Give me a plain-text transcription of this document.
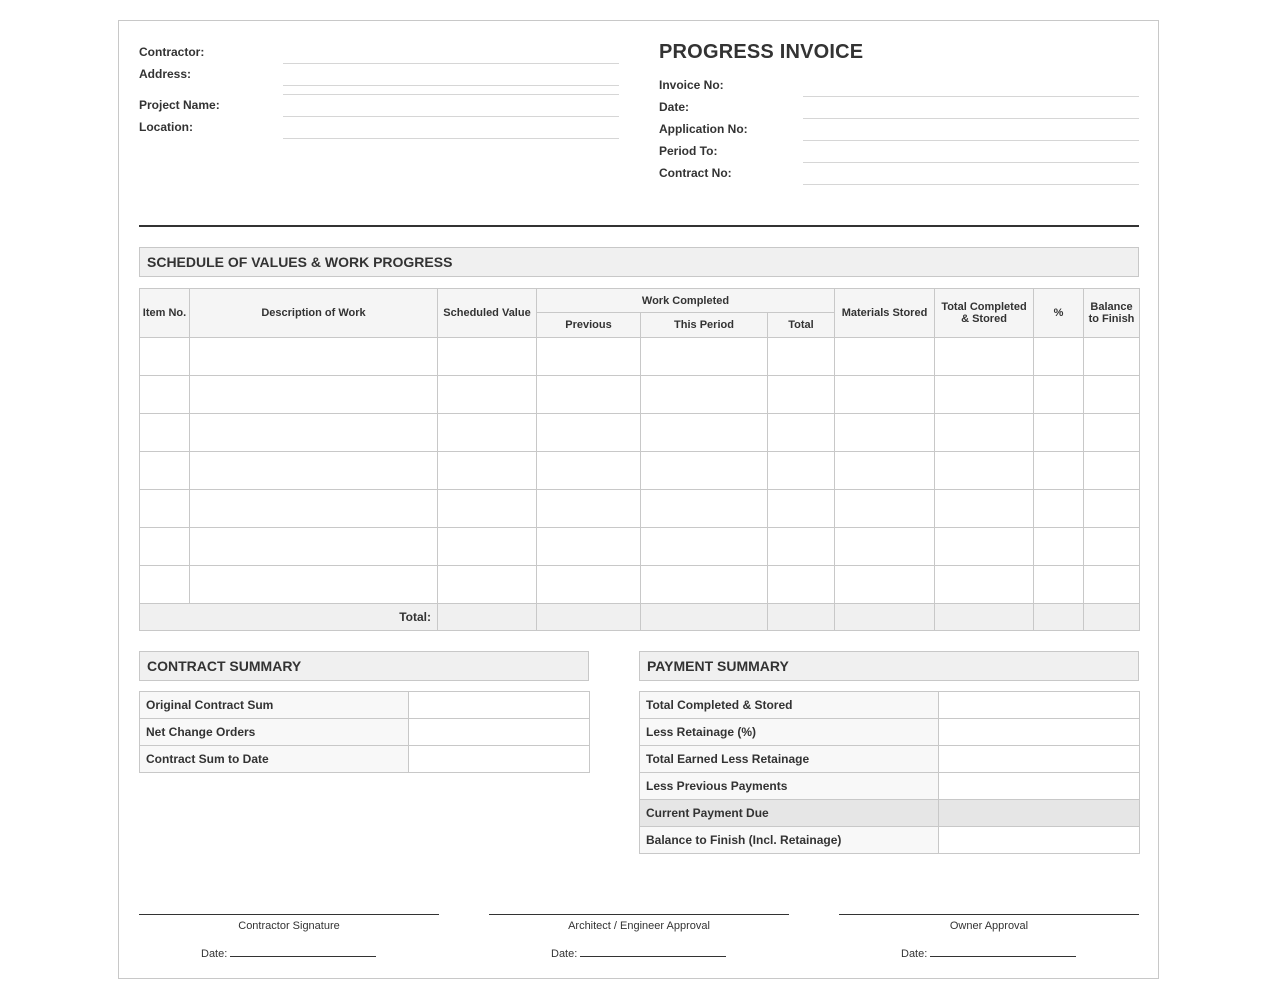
Contractor:
Address:
Project Name:
Location:
PROGRESS INVOICE
Invoice No:
Date:
Application No:
Period To:
Contract No:
SCHEDULE OF VALUES & WORK PROGRESS
Item No.	Description of Work	Scheduled Value	Work Completed			Materials Stored	Total Completed & Stored	%	Balance to Finish
			Previous	This Period	Total				

Total:									
CONTRACT SUMMARY
Original Contract Sum	
Net Change Orders	
Contract Sum to Date	
PAYMENT SUMMARY
Total Completed & Stored	
Less Retainage (%)	
Total Earned Less Retainage	
Less Previous Payments	
Current Payment Due	
Balance to Finish (Incl. Retainage)	
Contractor Signature
Date:
Architect / Engineer Approval
Date:
Owner Approval
Date:
